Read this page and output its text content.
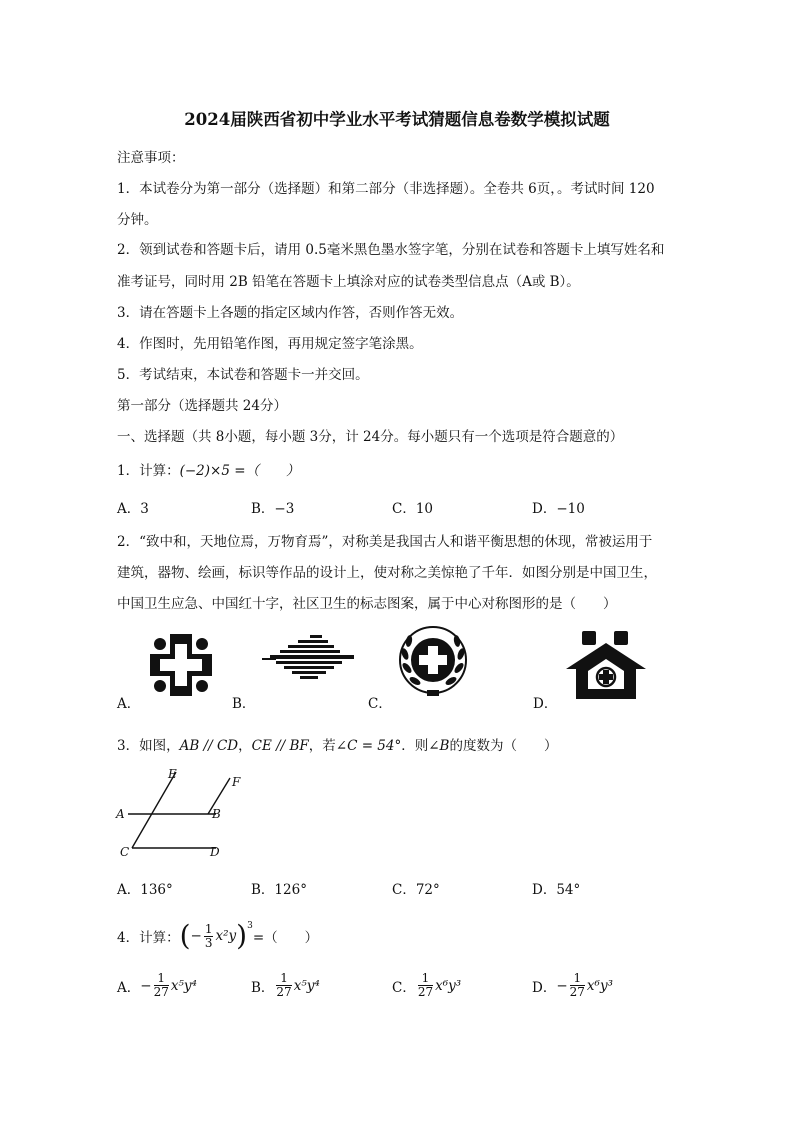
2024届陕西省初中学业水平考试猜题信息卷数学模拟试题
注意事项：
1．本试卷分为第一部分（选择题）和第二部分（非选择题）。全卷共 6页，。考试时间 120
分钟。
2．领到试卷和答题卡后，请用 0.5毫米黑色墨水签字笔，分别在试卷和答题卡上填写姓名和
准考证号，同时用 2B 铅笔在答题卡上填涂对应的试卷类型信息点（A或 B）。
3．请在答题卡上各题的指定区域内作答，否则作答无效。
4．作图时，先用铅笔作图，再用规定签字笔涂黑。
5．考试结束，本试卷和答题卡一并交回。
第一部分（选择题共 24分）
一、选择题（共 8小题，每小题 3分，计 24分。每小题只有一个选项是符合题意的）
1．计算：(−2)×5 =（　　）
A．3	B．−3	C．10	D．−10
2．“致中和，天地位焉，万物育焉”，对称美是我国古人和谐平衡思想的休现，常被运用于
建筑，器物、绘画，标识等作品的设计上，使对称之美惊艳了千年．如图分别是中国卫生，
中国卫生应急、中国红十字，社区卫生的标志图案，属于中心对称图形的是（　　）
A．	B．	C．	D．
3．如图，AB // CD，CE // BF，若∠C = 54°．则∠B的度数为（　　）
E
F
A	B
C	D
A．136°	B．126°	C．72°	D．54°
4．计算： ( − $\frac{1}{3} x^2y$ )$^3$
=（　　）
A． − $\frac{1}{27} x^5y^4$	B． $\frac{1}{27} x^5y^4$	C． $\frac{1}{27} x^6y^3$	D． − $\frac{1}{27} x^6y^3$
